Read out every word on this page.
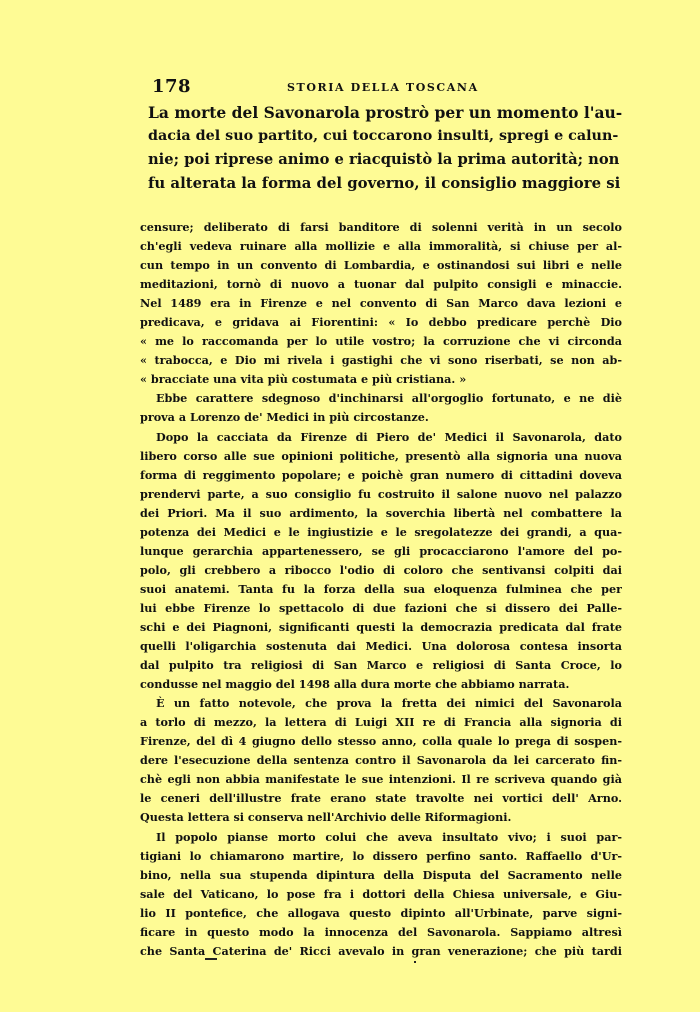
178	STORIA DELLA TOSCANA
La morte del Savonarola prostrò per un momento l'au-
dacia del suo partito, cui toccarono insulti, spregi e calun-
nie; poi riprese animo e riacquistò la prima autorità; non
fu alterata la forma del governo, il consiglio maggiore si
censure; deliberato di farsi banditore di solenni verità in un secolo
ch'egli vedeva ruinare alla mollizie e alla immoralità, si chiuse per al-
cun tempo in un convento di Lombardia, e ostinandosi sui libri e nelle
meditazioni, tornò di nuovo a tuonar dal pulpito consigli e minaccie.
Nel 1489 era in Firenze e nel convento di San Marco dava lezioni e
predicava, e gridava ai Fiorentini: « Io debbo predicare perchè Dio
« me lo raccomanda per lo utile vostro; la corruzione che vi circonda
« trabocca, e Dio mi rivela i gastighi che vi sono riserbati, se non ab-
« bracciate una vita più costumata e più cristiana. »
Ebbe carattere sdegnoso d'inchinarsi all'orgoglio fortunato, e ne diè
prova a Lorenzo de' Medici in più circostanze.
Dopo la cacciata da Firenze di Piero de' Medici il Savonarola, dato
libero corso alle sue opinioni politiche, presentò alla signoria una nuova
forma di reggimento popolare; e poichè gran numero di cittadini doveva
prendervi parte, a suo consiglio fu costruito il salone nuovo nel palazzo
dei Priori. Ma il suo ardimento, la soverchia libertà nel combattere la
potenza dei Medici e le ingiustizie e le sregolatezze dei grandi, a qua-
lunque gerarchia appartenessero, se gli procacciarono l'amore del po-
polo, gli crebbero a ribocco l'odio di coloro che sentivansi colpiti dai
suoi anatemi. Tanta fu la forza della sua eloquenza fulminea che per
lui ebbe Firenze lo spettacolo di due fazioni che si dissero dei Palle-
schi e dei Piagnoni, significanti questi la democrazia predicata dal frate
quelli l'oligarchia sostenuta dai Medici. Una dolorosa contesa insorta
dal pulpito tra religiosi di San Marco e religiosi di Santa Croce, lo
condusse nel maggio del 1498 alla dura morte che abbiamo narrata.
È un fatto notevole, che prova la fretta dei nimici del Savonarola
a torlo di mezzo, la lettera di Luigi XII re di Francia alla signoria di
Firenze, del dì 4 giugno dello stesso anno, colla quale lo prega di sospen-
dere l'esecuzione della sentenza contro il Savonarola da lei carcerato fin-
chè egli non abbia manifestate le sue intenzioni. Il re scriveva quando già
le ceneri dell'illustre frate erano state travolte nei vortici dell' Arno.
Questa lettera si conserva nell'Archivio delle Riformagioni.
Il popolo pianse morto colui che aveva insultato vivo; i suoi par-
tigiani lo chiamarono martire, lo dissero perfino santo. Raffaello d'Ur-
bino, nella sua stupenda dipintura della Disputa del Sacramento nelle
sale del Vaticano, lo pose fra i dottori della Chiesa universale, e Giu-
lio II pontefice, che allogava questo dipinto all'Urbinate, parve signi-
ficare in questo modo la innocenza del Savonarola. Sappiamo altresì
che Santa Caterina de' Ricci avevalo in gran venerazione; che più tardi
